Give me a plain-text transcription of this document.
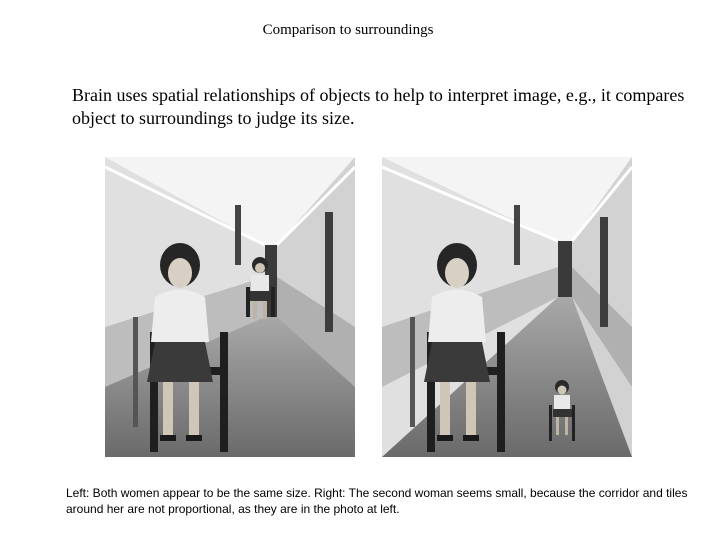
Comparison to surroundings
Brain uses spatial relationships of objects to help to interpret image, e.g., it compares object to surroundings to judge its size.
Left: Both women appear to be the same size. Right: The second woman seems small, because the corridor and tiles around her are not proportional, as they are in the photo at left.
